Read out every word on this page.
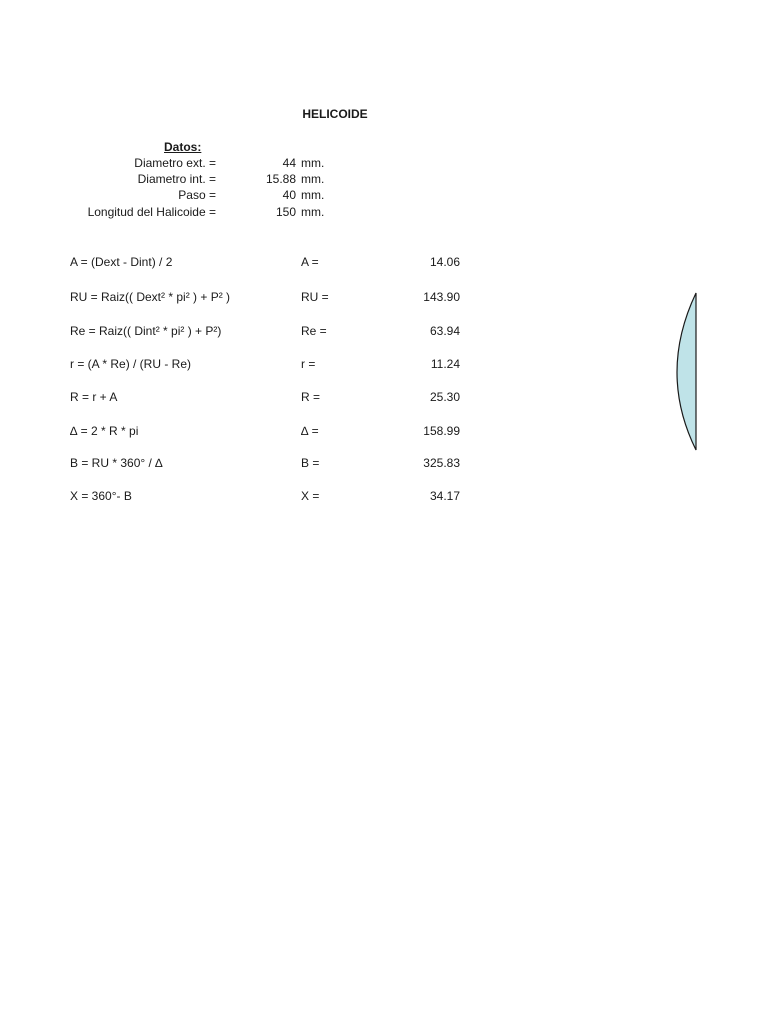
HELICOIDE
Datos:
Diametro ext. =	44 mm.
Diametro int. =	15.88 mm.
Paso =	40 mm.
Longitud del Halicoide =	150 mm.
A = (Dext - Dint) / 2	A =	14.06
RU = Raiz(( Dext² * pi² ) + P² )	RU =	143.90
Re = Raiz(( Dint² * pi² ) + P²)	Re =	63.94
r = (A * Re) / (RU - Re)	r =	11.24
R = r + A	R =	25.30
∆ = 2 * R * pi	∆ =	158.99
B = RU * 360° / ∆	B =	325.83
X = 360°- B	X =	34.17
